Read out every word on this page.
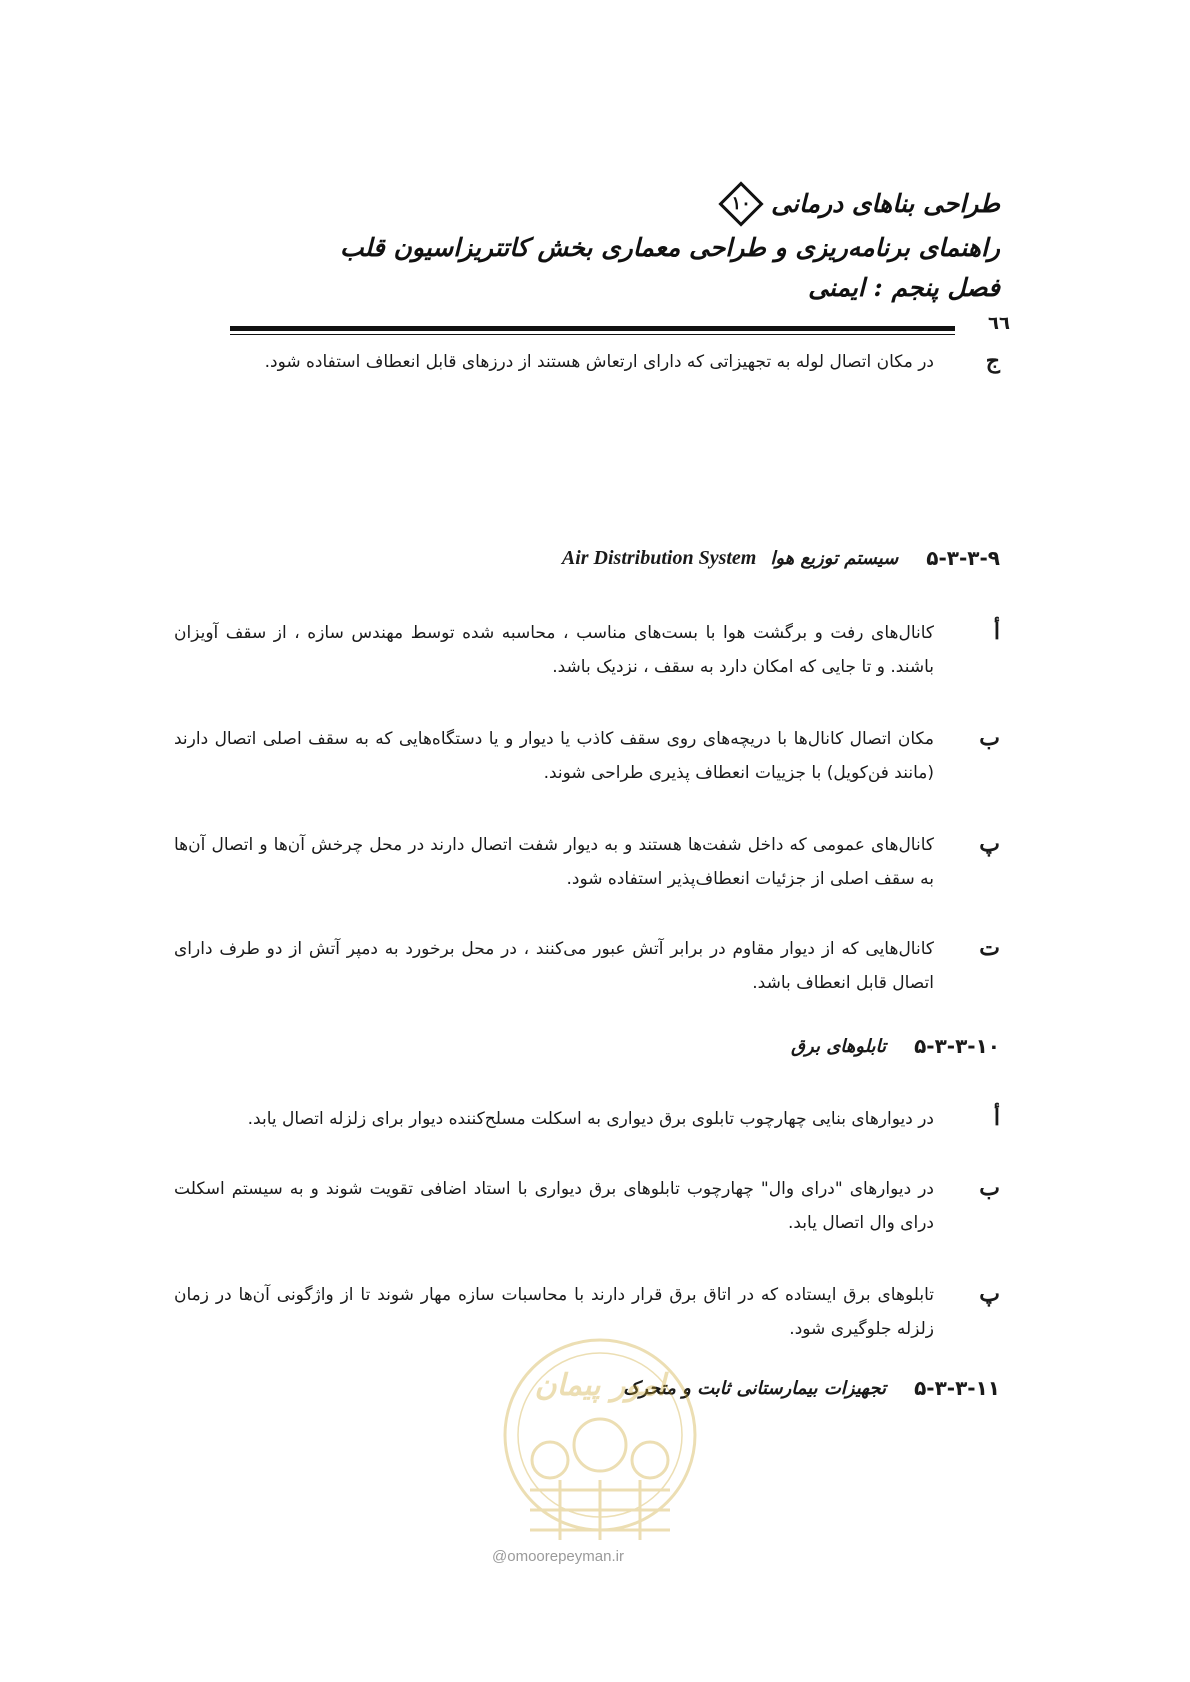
طراحی بناهای درمانی
۱۰
راهنمای برنامه‌ریزی و طراحی معماری بخش کاتتریزاسیون قلب
فصل پنجم : ایمنی
٦٦
ج
در مکان اتصال لوله به تجهیزاتی که دارای ارتعاش هستند از درزهای قابل انعطاف استفاده شود.
۵-۳-۳-۹
سیستم توزیع هوا
Air Distribution System
أ
کانال‌های رفت و برگشت هوا با بست‌های مناسب ، محاسبه شده توسط مهندس سازه ، از سقف آویزان باشند. و تا جایی که امکان دارد به سقف ، نزدیک باشد.
ب
مکان اتصال کانال‌ها با دریچه‌های روی سقف کاذب یا دیوار و یا دستگاه‌هایی که به سقف اصلی اتصال دارند (مانند فن‌کویل) با جزییات انعطاف پذیری طراحی شوند.
پ
کانال‌های عمومی که داخل شفت‌ها هستند و به دیوار شفت اتصال دارند در محل چرخش آن‌ها و اتصال آن‌ها به سقف اصلی از جزئیات انعطاف‌پذیر استفاده شود.
ت
کانال‌هایی که از دیوار مقاوم در برابر آتش عبور می‌کنند ، در محل برخورد به دمپر آتش از دو طرف دارای اتصال قابل انعطاف باشد.
۵-۳-۳-۱۰
تابلوهای برق
أ
در دیوارهای بنایی چهارچوب تابلوی برق دیواری به اسکلت مسلح‌کننده دیوار برای زلزله اتصال یابد.
ب
در دیوارهای "درای وال" چهارچوب تابلوهای برق دیواری با استاد اضافی تقویت شوند و به سیستم اسکلت درای وال اتصال یابد.
پ
تابلوهای برق ایستاده که در اتاق برق قرار دارند با محاسبات سازه مهار شوند تا از واژگونی آن‌ها در زمان زلزله جلوگیری شود.
۵-۳-۳-۱۱
تجهیزات بیمارستانی ثابت و متحرک
امور پیمان
@omoorepeyman.ir
